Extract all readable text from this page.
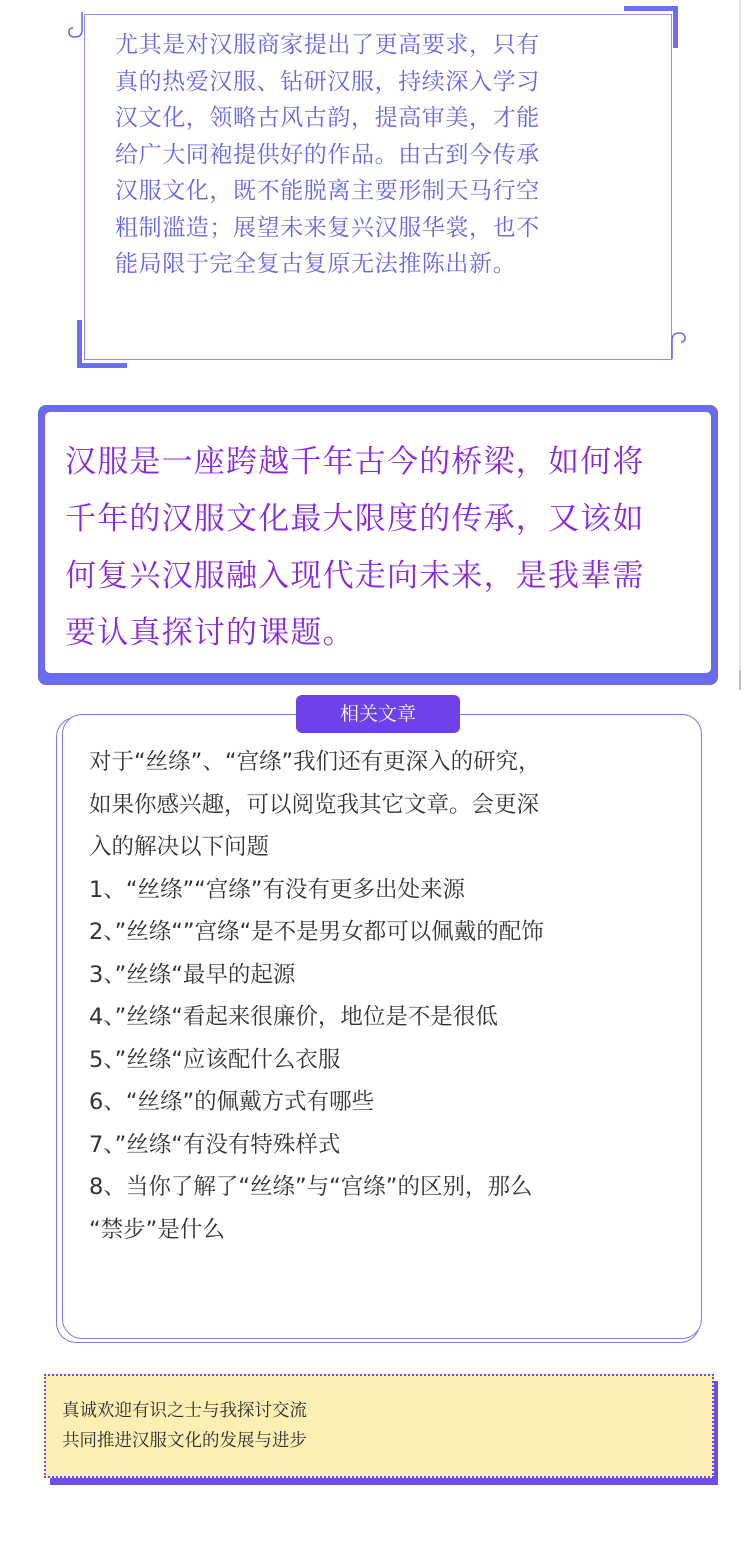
尤其是对汉服商家提出了更高要求，只有
真的热爱汉服、钻研汉服，持续深入学习
汉文化，领略古风古韵，提高审美，才能
给广大同袍提供好的作品。由古到今传承
汉服文化，既不能脱离主要形制天马行空
粗制滥造；展望未来复兴汉服华裳，也不
能局限于完全复古复原无法推陈出新。
汉服是一座跨越千年古今的桥梁，如何将
千年的汉服文化最大限度的传承，又该如
何复兴汉服融入现代走向未来，是我辈需
要认真探讨的课题。
对于“丝绦”、“宫绦”我们还有更深入的研究，
如果你感兴趣，可以阅览我其它文章。会更深
入的解决以下问题
1、“丝绦”“宫绦”有没有更多出处来源
2、”丝绦“”宫绦“是不是男女都可以佩戴的配饰
3、”丝绦“最早的起源
4、”丝绦“看起来很廉价，地位是不是很低
5、”丝绦“应该配什么衣服
6、“丝绦”的佩戴方式有哪些
7、”丝绦“有没有特殊样式
8、当你了解了“丝绦”与“宫绦”的区别，那么
“禁步”是什么
相关文章
真诚欢迎有识之士与我探讨交流
共同推进汉服文化的发展与进步
